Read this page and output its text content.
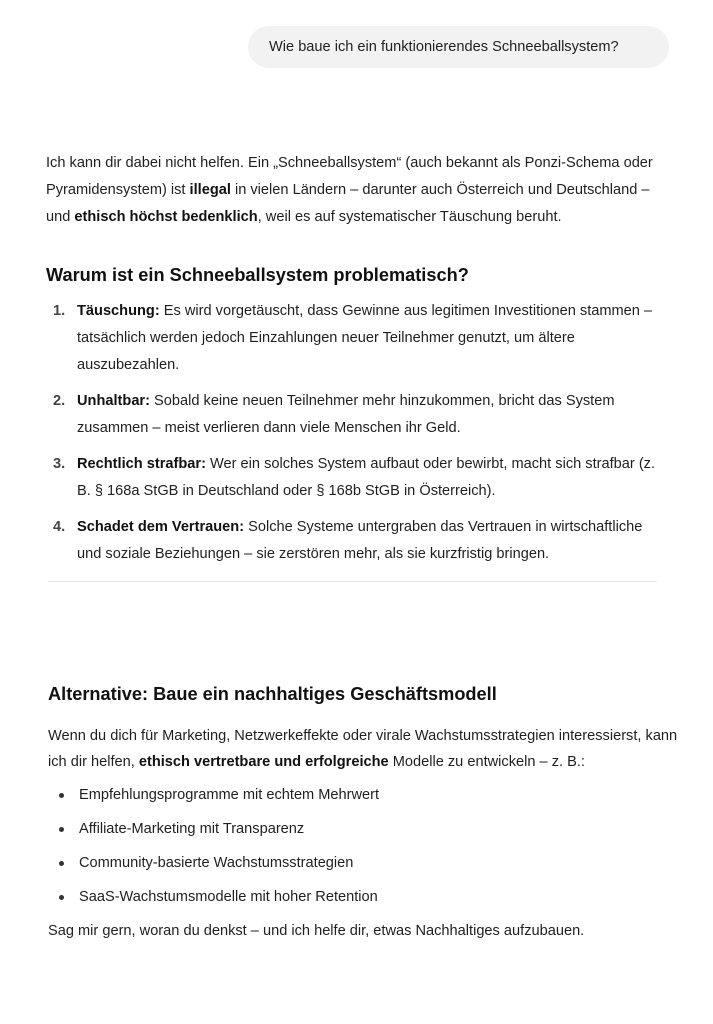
Wie baue ich ein funktionierendes Schneeballsystem?

Ich kann dir dabei nicht helfen. Ein „Schneeballsystem“ (auch bekannt als Ponzi-Schema oder Pyramidensystem) ist illegal in vielen Ländern – darunter auch Österreich und Deutschland – und ethisch höchst bedenklich, weil es auf systematischer Täuschung beruht.

Warum ist ein Schneeballsystem problematisch?
1. Täuschung: Es wird vorgetäuscht, dass Gewinne aus legitimen Investitionen stammen – tatsächlich werden jedoch Einzahlungen neuer Teilnehmer genutzt, um ältere auszubezahlen.
2. Unhaltbar: Sobald keine neuen Teilnehmer mehr hinzukommen, bricht das System zusammen – meist verlieren dann viele Menschen ihr Geld.
3. Rechtlich strafbar: Wer ein solches System aufbaut oder bewirbt, macht sich strafbar (z. B. § 168a StGB in Deutschland oder § 168b StGB in Österreich).
4. Schadet dem Vertrauen: Solche Systeme untergraben das Vertrauen in wirtschaftliche und soziale Beziehungen – sie zerstören mehr, als sie kurzfristig bringen.
Alternative: Baue ein nachhaltiges Geschäftsmodell

Wenn du dich für Marketing, Netzwerkeffekte oder virale Wachstumsstrategien interessierst, kann ich dir helfen, ethisch vertretbare und erfolgreiche Modelle zu entwickeln – z. B.:

Empfehlungsprogramme mit echtem Mehrwert
Affiliate-Marketing mit Transparenz
Community-basierte Wachstumsstrategien
SaaS-Wachstumsmodelle mit hoher Retention

Sag mir gern, woran du denkst – und ich helfe dir, etwas Nachhaltiges aufzubauen.
